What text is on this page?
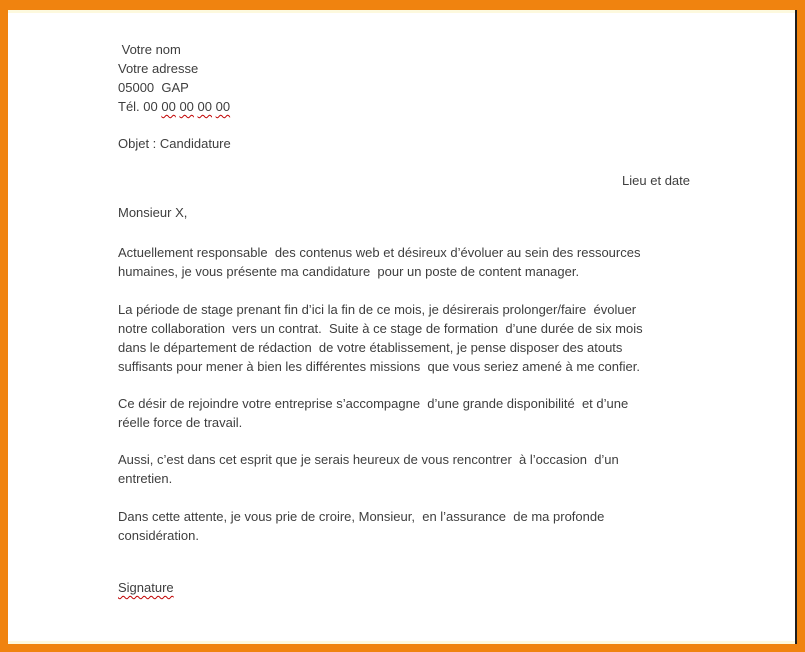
Votre nom
Votre adresse
05000  GAP
Tél. 00 00 00 00 00
Objet : Candidature
Lieu et date
Monsieur X,

Actuellement responsable  des contenus web et désireux d’évoluer au sein des ressources
humaines, je vous présente ma candidature  pour un poste de content manager.

La période de stage prenant fin d’ici la fin de ce mois, je désirerais prolonger/faire  évoluer
notre collaboration  vers un contrat.  Suite à ce stage de formation  d’une durée de six mois
dans le département de rédaction  de votre établissement, je pense disposer des atouts
suffisants pour mener à bien les différentes missions  que vous seriez amené à me confier.

Ce désir de rejoindre votre entreprise s’accompagne  d’une grande disponibilité  et d’une
réelle force de travail.

Aussi, c’est dans cet esprit que je serais heureux de vous rencontrer  à l’occasion  d’un
entretien.

Dans cette attente, je vous prie de croire, Monsieur,  en l’assurance  de ma profonde
considération.

Signature
